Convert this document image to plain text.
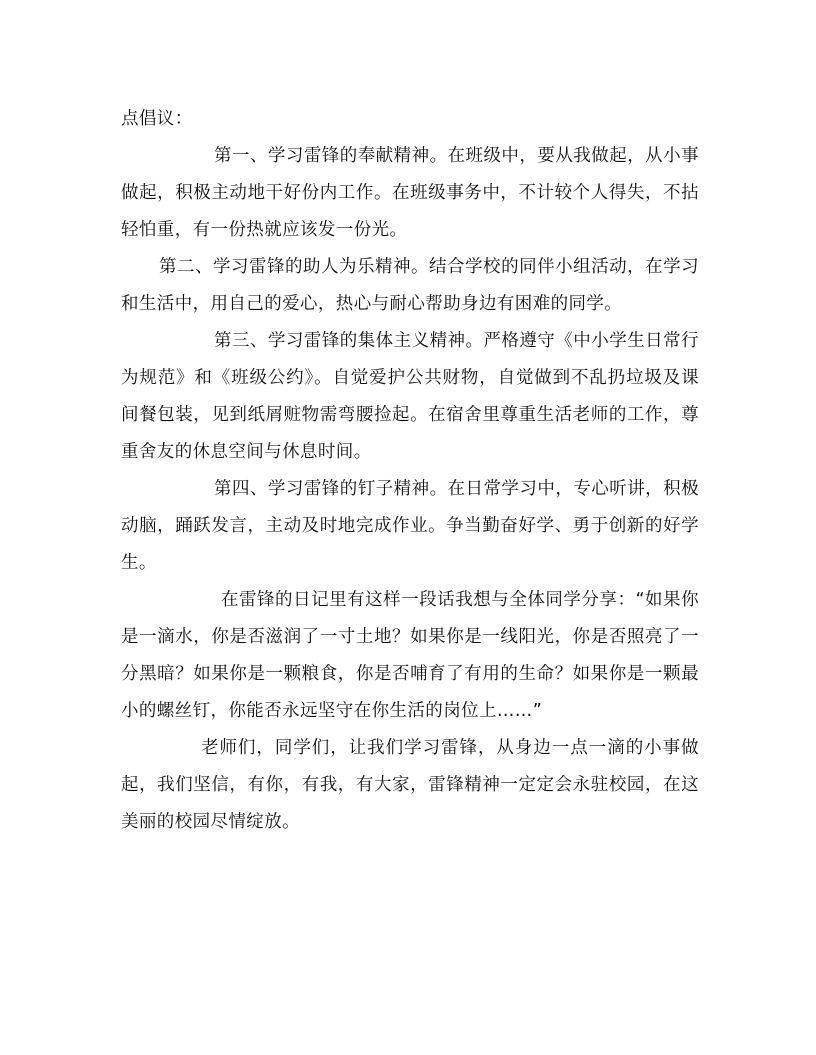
点倡议：

第一、学习雷锋的奉献精神。在班级中，要从我做起，从小事做起，积极主动地干好份内工作。在班级事务中，不计较个人得失，不拈轻怕重，有一份热就应该发一份光。

第二、学习雷锋的助人为乐精神。结合学校的同伴小组活动，在学习和生活中，用自己的爱心，热心与耐心帮助身边有困难的同学。

第三、学习雷锋的集体主义精神。严格遵守《中小学生日常行为规范》和《班级公约》。自觉爱护公共财物，自觉做到不乱扔垃圾及课间餐包装，见到纸屑赃物需弯腰捡起。在宿舍里尊重生活老师的工作，尊重舍友的休息空间与休息时间。

第四、学习雷锋的钉子精神。在日常学习中，专心听讲，积极动脑，踊跃发言，主动及时地完成作业。争当勤奋好学、勇于创新的好学生。

在雷锋的日记里有这样一段话我想与全体同学分享：“如果你是一滴水，你是否滋润了一寸土地？如果你是一线阳光，你是否照亮了一分黑暗？如果你是一颗粮食，你是否哺育了有用的生命？如果你是一颗最小的螺丝钉，你能否永远坚守在你生活的岗位上……”

老师们，同学们，让我们学习雷锋，从身边一点一滴的小事做起，我们坚信，有你，有我，有大家，雷锋精神一定定会永驻校园，在这美丽的校园尽情绽放。
